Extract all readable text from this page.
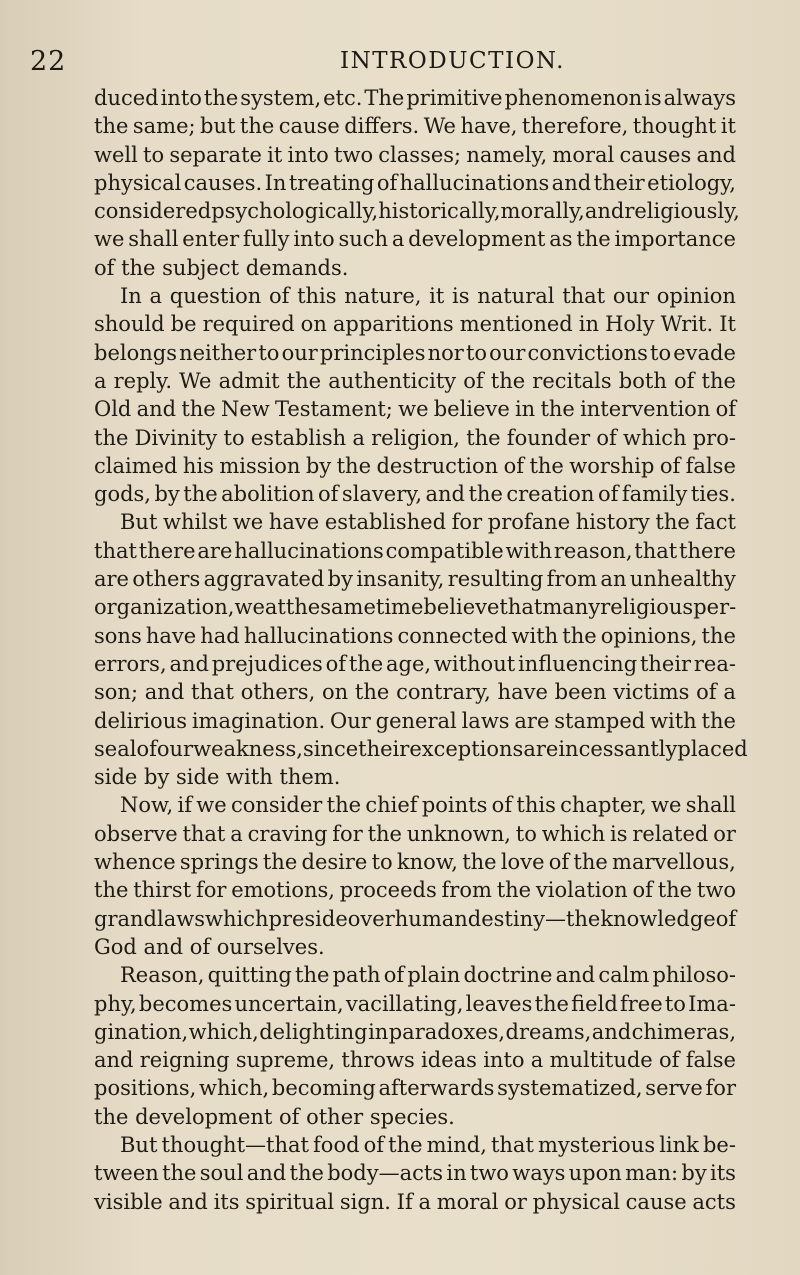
22	INTRODUCTION.
duced into the system, etc. The primitive phenomenon is always
the same; but the cause differs. We have, therefore, thought it
well to separate it into two classes; namely, moral causes and
physical causes. In treating of hallucinations and their etiology,
considered psychologically, historically, morally, and religiously,
we shall enter fully into such a development as the importance
of the subject demands.
In a question of this nature, it is natural that our opinion
should be required on apparitions mentioned in Holy Writ. It
belongs neither to our principles nor to our convictions to evade
a reply. We admit the authenticity of the recitals both of the
Old and the New Testament; we believe in the intervention of
the Divinity to establish a religion, the founder of which pro-
claimed his mission by the destruction of the worship of false
gods, by the abolition of slavery, and the creation of family ties.
But whilst we have established for profane history the fact
that there are hallucinations compatible with reason, that there
are others aggravated by insanity, resulting from an unhealthy
organization, we at the same time believe that many religious per-
sons have had hallucinations connected with the opinions, the
errors, and prejudices of the age, without influencing their rea-
son; and that others, on the contrary, have been victims of a
delirious imagination. Our general laws are stamped with the
seal of our weakness, since their exceptions are incessantly placed
side by side with them.
Now, if we consider the chief points of this chapter, we shall
observe that a craving for the unknown, to which is related or
whence springs the desire to know, the love of the marvellous,
the thirst for emotions, proceeds from the violation of the two
grand laws which preside over human destiny—the knowledge of
God and of ourselves.
Reason, quitting the path of plain doctrine and calm philoso-
phy, becomes uncertain, vacillating, leaves the field free to Ima-
gination, which, delighting in paradoxes, dreams, and chimeras,
and reigning supreme, throws ideas into a multitude of false
positions, which, becoming afterwards systematized, serve for
the development of other species.
But thought—that food of the mind, that mysterious link be-
tween the soul and the body—acts in two ways upon man: by its
visible and its spiritual sign. If a moral or physical cause acts
